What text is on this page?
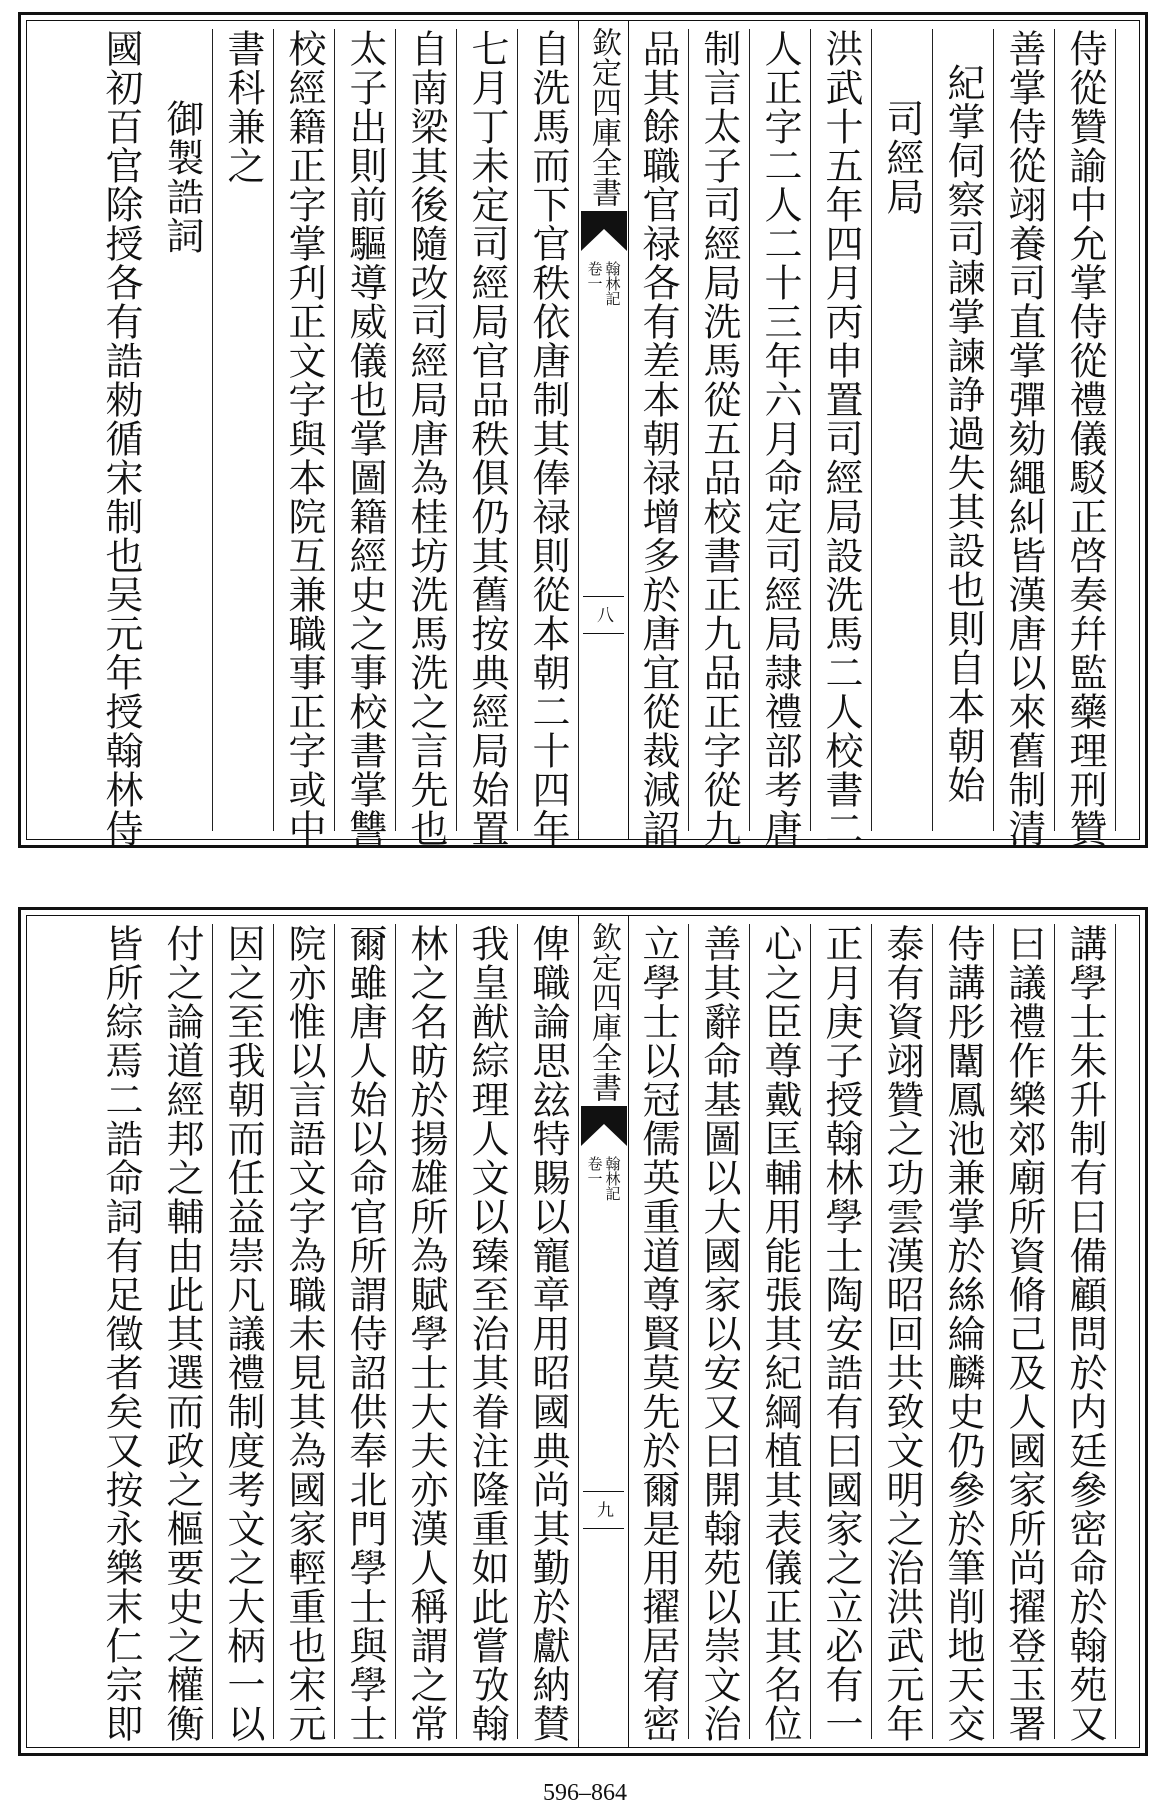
侍從贊諭中允掌侍從禮儀駁正啓奏幷監藥理刑贊
善掌侍從翊養司直掌彈劾繩糾皆漢唐以來舊制清
紀掌伺察司諫掌諫諍過失其設也則自本朝始
司經局
洪武十五年四月丙申置司經局設洗馬二人校書二
人正字二人二十三年六月命定司經局隷禮部考唐
制言太子司經局洗馬從五品校書正九品正字從九
品其餘職官禄各有差本朝禄增多於唐宜從裁減詔
欽定四庫全書
翰林記
卷一
八
自洗馬而下官秩依唐制其俸禄則從本朝二十四年
七月丁未定司經局官品秩俱仍其舊按典經局始置
自南梁其後隨改司經局唐為桂坊洗馬洗之言先也
太子出則前驅導威儀也掌圖籍經史之事校書掌讐
校經籍正字掌刋正文字與本院互兼職事正字或中
書科兼之
御製誥詞
國初百官除授各有誥勑循宋制也吴元年授翰林侍
講學士朱升制有曰備顧問於内廷參密命於翰苑又
曰議禮作樂郊廟所資脩己及人國家所尚擢登玉署
侍講彤闈鳳池兼掌於絲綸麟史仍參於筆削地天交
泰有資翊贊之功雲漢昭回共致文明之治洪武元年
正月庚子授翰林學士陶安誥有曰國家之立必有一
心之臣尊戴匡輔用能張其紀綱植其表儀正其名位
善其辭命基圖以大國家以安又曰開翰苑以崇文治
立學士以冠儒英重道尊賢莫先於爾是用擢居宥密
欽定四庫全書
翰林記
卷一
九
俾職論思玆特賜以寵章用昭國典尚其勤於獻納賛
我皇猷綜理人文以臻至治其眷注隆重如此嘗攷翰
林之名昉於揚雄所為賦學士大夫亦漢人稱謂之常
爾雖唐人始以命官所謂侍詔供奉北門學士與學士
院亦惟以言語文字為職未見其為國家輕重也宋元
因之至我朝而任益崇凡議禮制度考文之大柄一以
付之論道經邦之輔由此其選而政之樞要史之權衡
皆所綜焉二誥命詞有足徵者矣又按永樂末仁宗即
596–864
